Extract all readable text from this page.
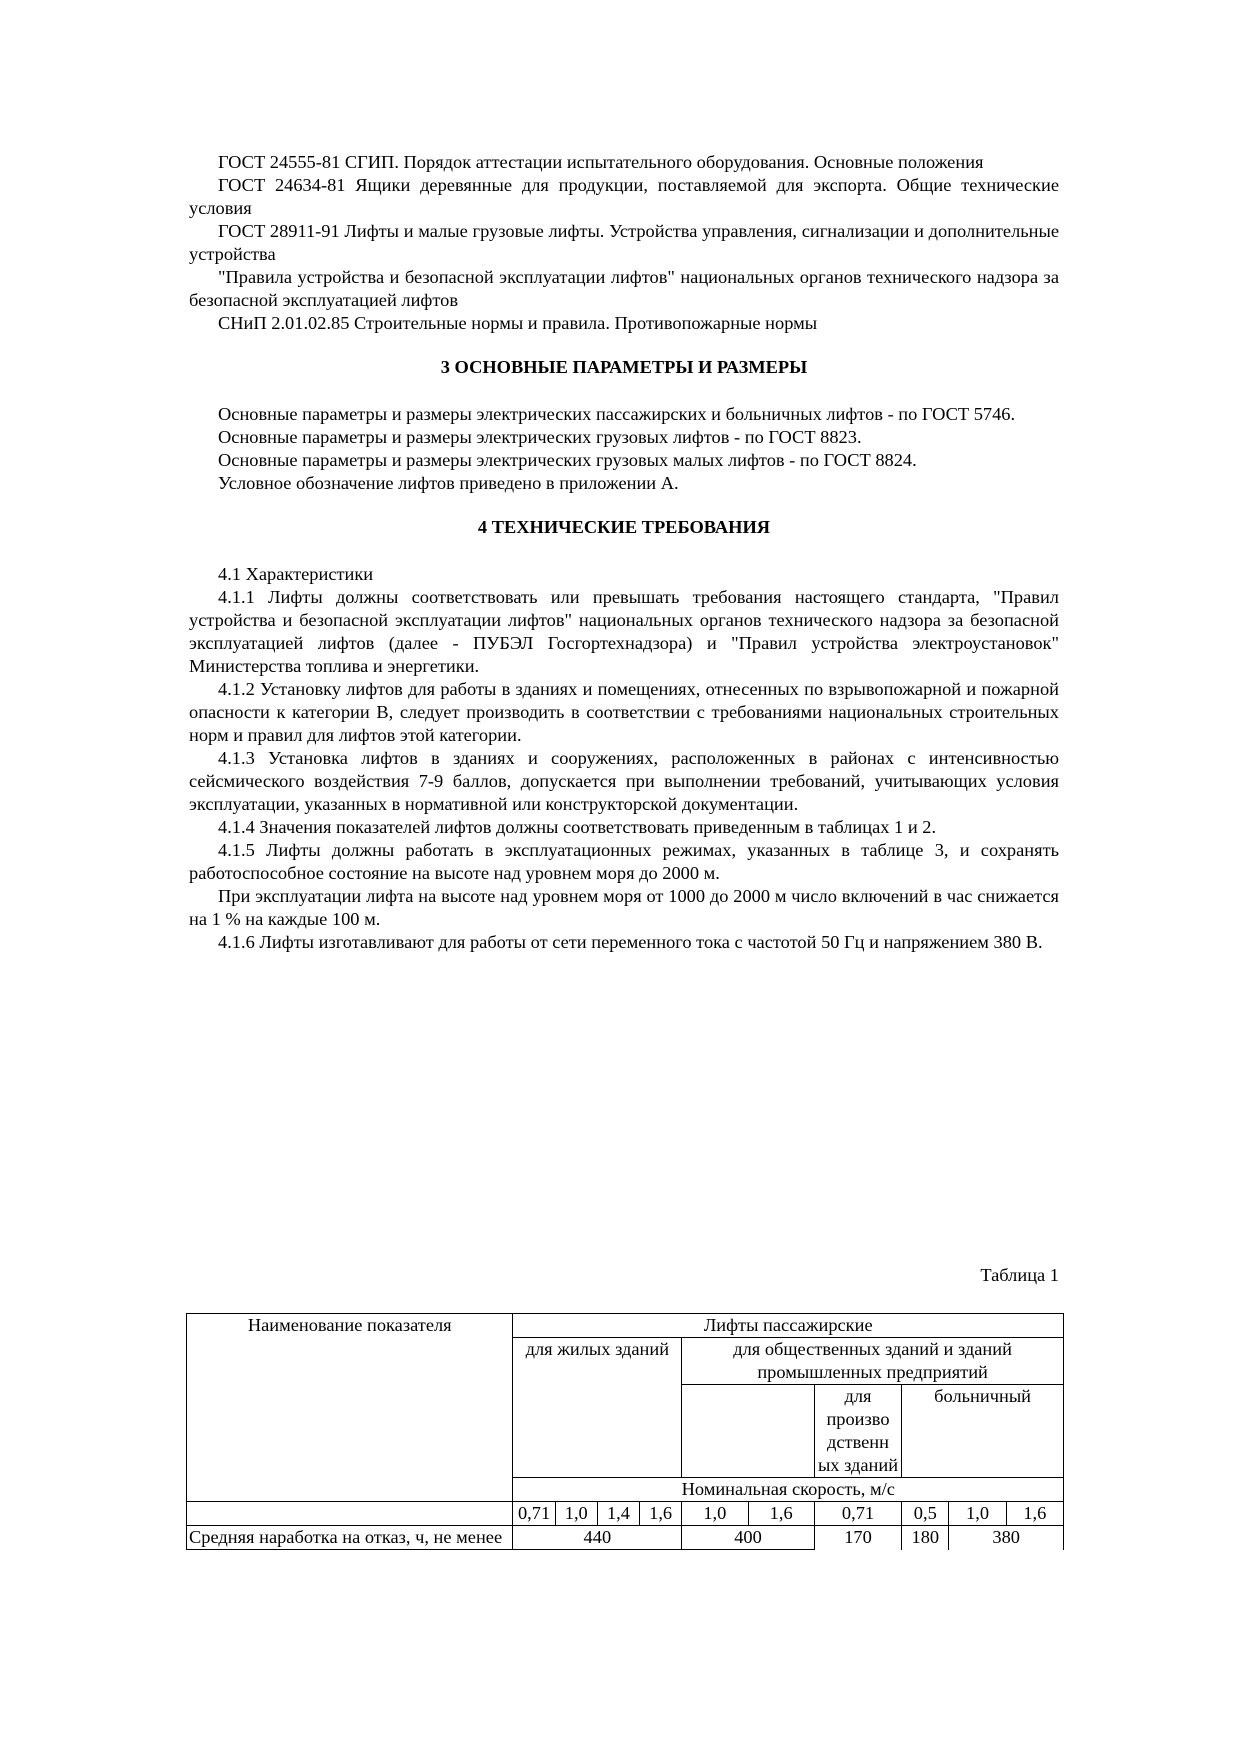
ГОСТ 24555-81 СГИП. Порядок аттестации испытательного оборудования. Основные положения

ГОСТ 24634-81 Ящики деревянные для продукции, поставляемой для экспорта. Общие технические условия

ГОСТ 28911-91 Лифты и малые грузовые лифты. Устройства управления, сигнализации и дополнительные устройства

"Правила устройства и безопасной эксплуатации лифтов" национальных органов технического надзора за безопасной эксплуатацией лифтов

СНиП 2.01.02.85 Строительные нормы и правила. Противопожарные нормы

3 ОСНОВНЫЕ ПАРАМЕТРЫ И РАЗМЕРЫ

Основные параметры и размеры электрических пассажирских и больничных лифтов - по ГОСТ 5746.

Основные параметры и размеры электрических грузовых лифтов - по ГОСТ 8823.

Основные параметры и размеры электрических грузовых малых лифтов - по ГОСТ 8824.

Условное обозначение лифтов приведено в приложении А.

4 ТЕХНИЧЕСКИЕ ТРЕБОВАНИЯ

4.1 Характеристики

4.1.1 Лифты должны соответствовать или превышать требования настоящего стандарта, "Правил устройства и безопасной эксплуатации лифтов" национальных органов технического надзора за безопасной эксплуатацией лифтов (далее - ПУБЭЛ Госгортехнадзора) и "Правил устройства электроустановок" Министерства топлива и энергетики.

4.1.2 Установку лифтов для работы в зданиях и помещениях, отнесенных по взрывопожарной и пожарной опасности к категории В, следует производить в соответствии с требованиями национальных строительных норм и правил для лифтов этой категории.

4.1.3 Установка лифтов в зданиях и сооружениях, расположенных в районах с интенсивностью сейсмического воздействия 7-9 баллов, допускается при выполнении требований, учитывающих условия эксплуатации, указанных в нормативной или конструкторской документации.

4.1.4 Значения показателей лифтов должны соответствовать приведенным в таблицах 1 и 2.

4.1.5 Лифты должны работать в эксплуатационных режимах, указанных в таблице 3, и сохранять работоспособное состояние на высоте над уровнем моря до 2000 м.

При эксплуатации лифта на высоте над уровнем моря от 1000 до 2000 м число включений в час снижается на 1 % на каждые 100 м.

4.1.6 Лифты изготавливают для работы от сети переменного тока с частотой 50 Гц и напряжением 380 В.

Таблица 1
Наименование показателя	Лифты пассажирские									
	для жилых зданий				для общественных зданий и зданий промышленных предприятий					
							для произво дственн ых зданий	больничный		
	Номинальная скорость, м/с									
	0,71	1,0	1,4	1,6	1,0	1,6	0,71	0,5	1,0	1,6
Средняя наработка на отказ, ч, не менее	440				400		170	180	380	
